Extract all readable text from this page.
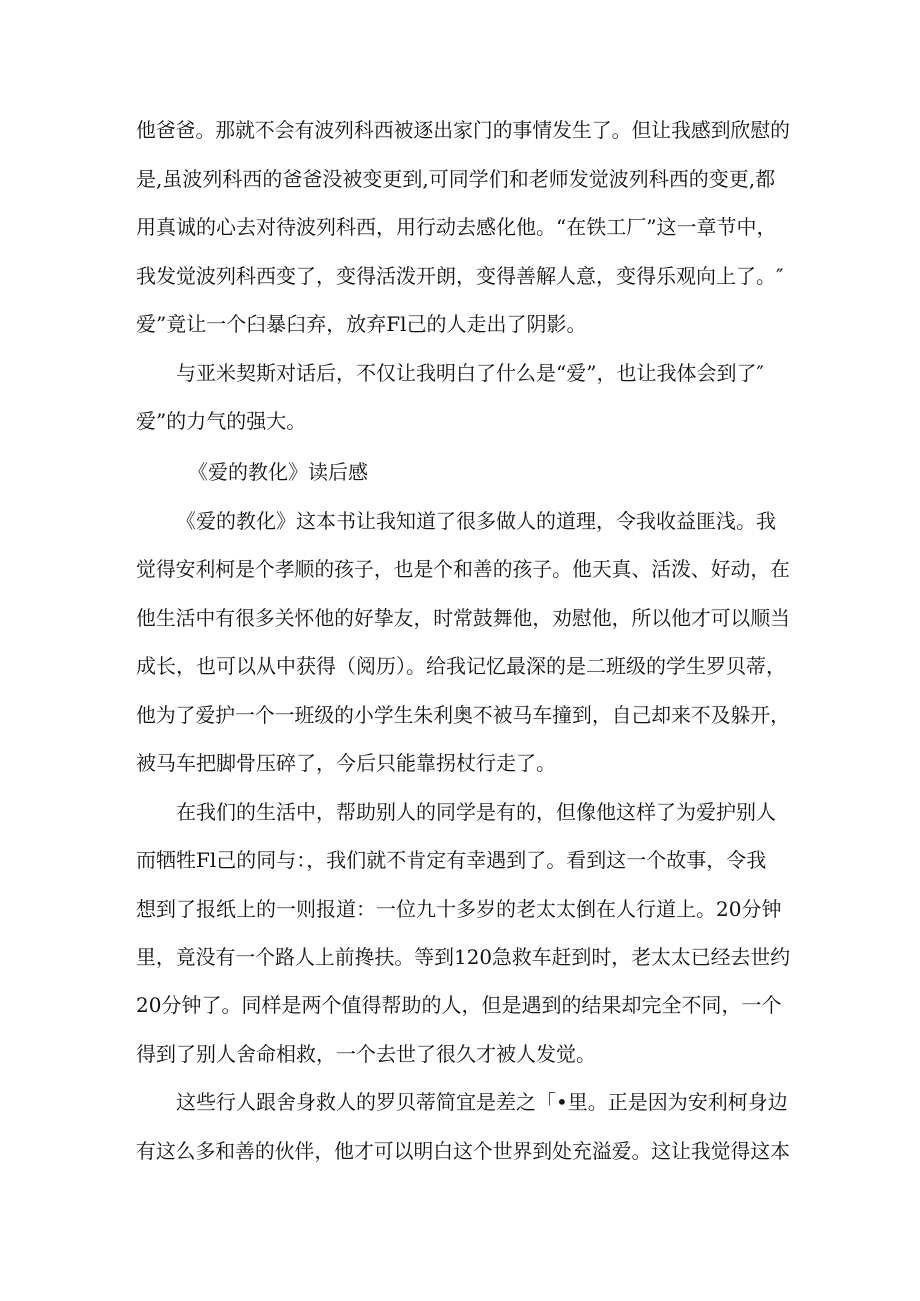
他爸爸。那就不会有波列科西被逐出家门的事情发生了。但让我感到欣慰的
是,虽波列科西的爸爸没被变更到,可同学们和老师发觉波列科西的变更,都
用真诚的心去对待波列科西，用行动去感化他。“在铁工厂”这一章节中，
我发觉波列科西变了，变得活泼开朗，变得善解人意，变得乐观向上了。″
爱”竟让一个臼暴臼弃，放弃Fl己的人走出了阴影。
与亚米契斯对话后，不仅让我明白了什么是“爱”，也让我体会到了″
爱”的力气的强大。
《爱的教化》读后感
《爱的教化》这本书让我知道了很多做人的道理，令我收益匪浅。我
觉得安利柯是个孝顺的孩子，也是个和善的孩子。他天真、活泼、好动，在
他生活中有很多关怀他的好挚友，时常鼓舞他，劝慰他，所以他才可以顺当
成长，也可以从中获得（阅历）。给我记忆最深的是二班级的学生罗贝蒂，
他为了爱护一个一班级的小学生朱利奥不被马车撞到，自己却来不及躲开，
被马车把脚骨压碎了，今后只能靠拐杖行走了。
在我们的生活中，帮助别人的同学是有的，但像他这样了为爱护别人
而牺牲Fl己的同与：，我们就不肯定有幸遇到了。看到这一个故事，令我
想到了报纸上的一则报道：一位九十多岁的老太太倒在人行道上。20分钟
里，竟没有一个路人上前搀扶。等到120急救车赶到时，老太太已经去世约
20分钟了。同样是两个值得帮助的人，但是遇到的结果却完全不同，一个
得到了别人舍命相救，一个去世了很久才被人发觉。
这些行人跟舍身救人的罗贝蒂简宜是差之「•里。正是因为安利柯身边
有这么多和善的伙伴，他才可以明白这个世界到处充溢爱。这让我觉得这本
